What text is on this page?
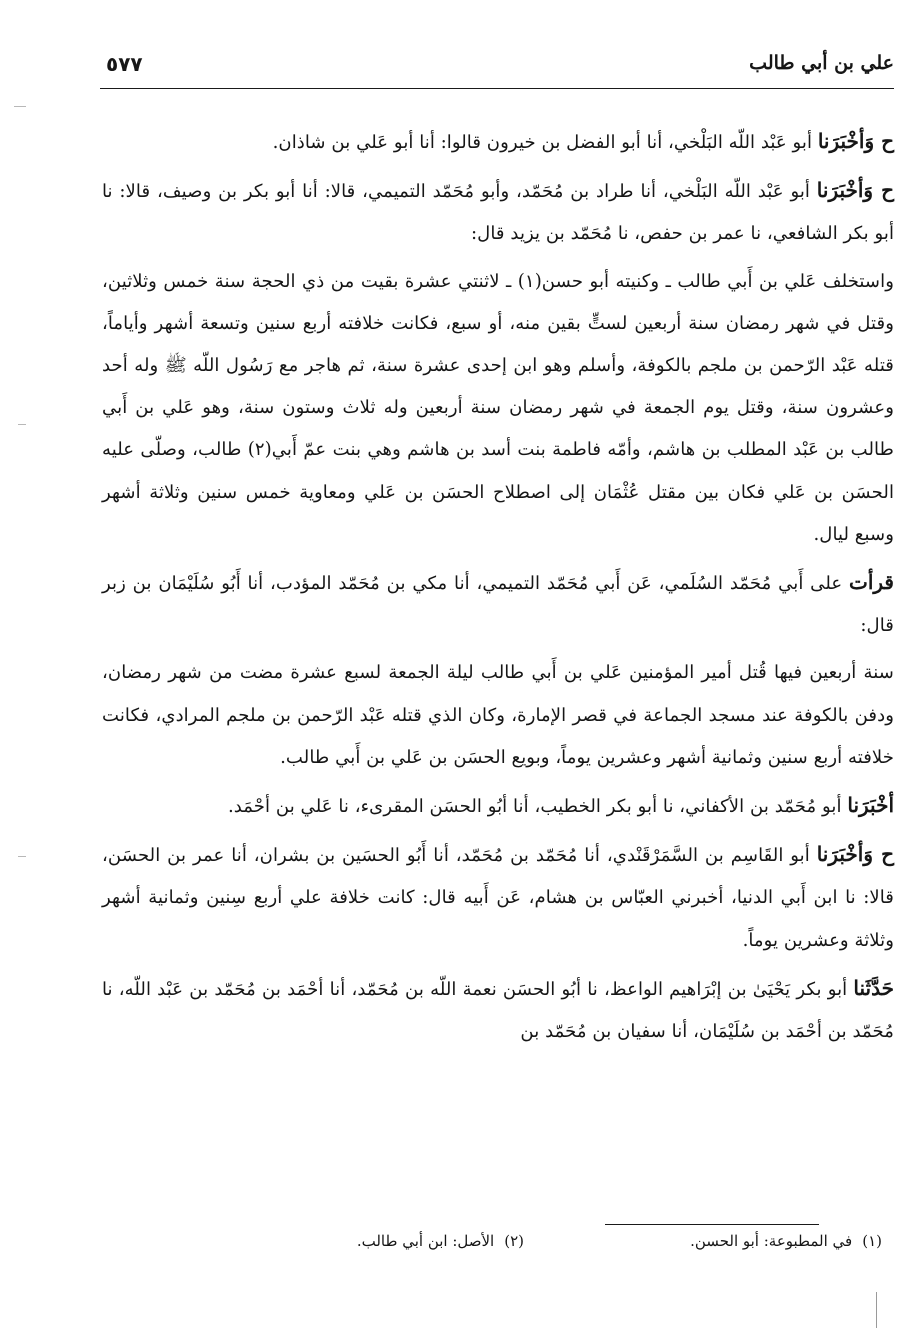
علي بن أبي طالب
٥٧٧

ح وَأخْبَرَنا أبو عَبْد اللّه البَلْخي، أنا أبو الفضل بن خيرون قالوا: أنا أبو عَلي بن شاذان.

ح وَأخْبَرَنا أبو عَبْد اللّه البَلْخي، أنا طراد بن مُحَمّد، وأبو مُحَمّد التميمي، قالا: أنا أبو بكر بن وصيف، قالا: نا أبو بكر الشافعي، نا عمر بن حفص، نا مُحَمّد بن يزيد قال:

واستخلف عَلي بن أَبي طالب ـ وكنيته أبو حسن(١) ـ لاثنتي عشرة بقيت من ذي الحجة سنة خمس وثلاثين، وقتل في شهر رمضان سنة أربعين لستٍّ بقين منه، أو سبع، فكانت خلافته أربع سنين وتسعة أشهر وأياماً، قتله عَبْد الرّحمن بن ملجم بالكوفة، وأسلم وهو ابن إحدى عشرة سنة، ثم هاجر مع رَسُول اللّه ﷺ وله أحد وعشرون سنة، وقتل يوم الجمعة في شهر رمضان سنة أربعين وله ثلاث وستون سنة، وهو عَلي بن أَبي طالب بن عَبْد المطلب بن هاشم، وأمّه فاطمة بنت أسد بن هاشم وهي بنت عمّ أَبي(٢) طالب، وصلّى عليه الحسَن بن عَلي فكان بين مقتل عُثْمَان إلى اصطلاح الحسَن بن عَلي ومعاوية خمس سنين وثلاثة أشهر وسبع ليال.

قرأت على أَبي مُحَمّد السُلَمي، عَن أَبي مُحَمّد التميمي، أنا مكي بن مُحَمّد المؤدب، أنا أَبُو سُلَيْمَان بن زبر قال:

سنة أربعين فيها قُتل أمير المؤمنين عَلي بن أَبي طالب ليلة الجمعة لسبع عشرة مضت من شهر رمضان، ودفن بالكوفة عند مسجد الجماعة في قصر الإمارة، وكان الذي قتله عَبْد الرّحمن بن ملجم المرادي، فكانت خلافته أربع سنين وثمانية أشهر وعشرين يوماً، وبويع الحسَن بن عَلي بن أَبي طالب.

أخْبَرَنا أبو مُحَمّد بن الأكفاني، نا أبو بكر الخطيب، أنا أبُو الحسَن المقرىء، نا عَلي بن أحْمَد.

ح وَأخْبَرَنا أبو القَاسِم بن السَّمَرْقَنْدي، أنا مُحَمّد بن مُحَمّد، أنا أَبُو الحسَين بن بشران، أنا عمر بن الحسَن، قالا: نا ابن أَبي الدنيا، أخبرني العبّاس بن هشام، عَن أَبيه قال: كانت خلافة علي أربع سِنين وثمانية أشهر وثلاثة وعشرين يوماً.

حَدَّثَنا أبو بكر يَحْيَىٰ بن إبْرَاهيم الواعظ، نا أبُو الحسَن نعمة اللّه بن مُحَمّد، أنا أحْمَد بن مُحَمّد بن عَبْد اللّه، نا مُحَمّد بن أحْمَد بن سُلَيْمَان، أنا سفيان بن مُحَمّد بن

(١)في المطبوعة: أبو الحسن.
(٢)الأصل: ابن أبي طالب.
